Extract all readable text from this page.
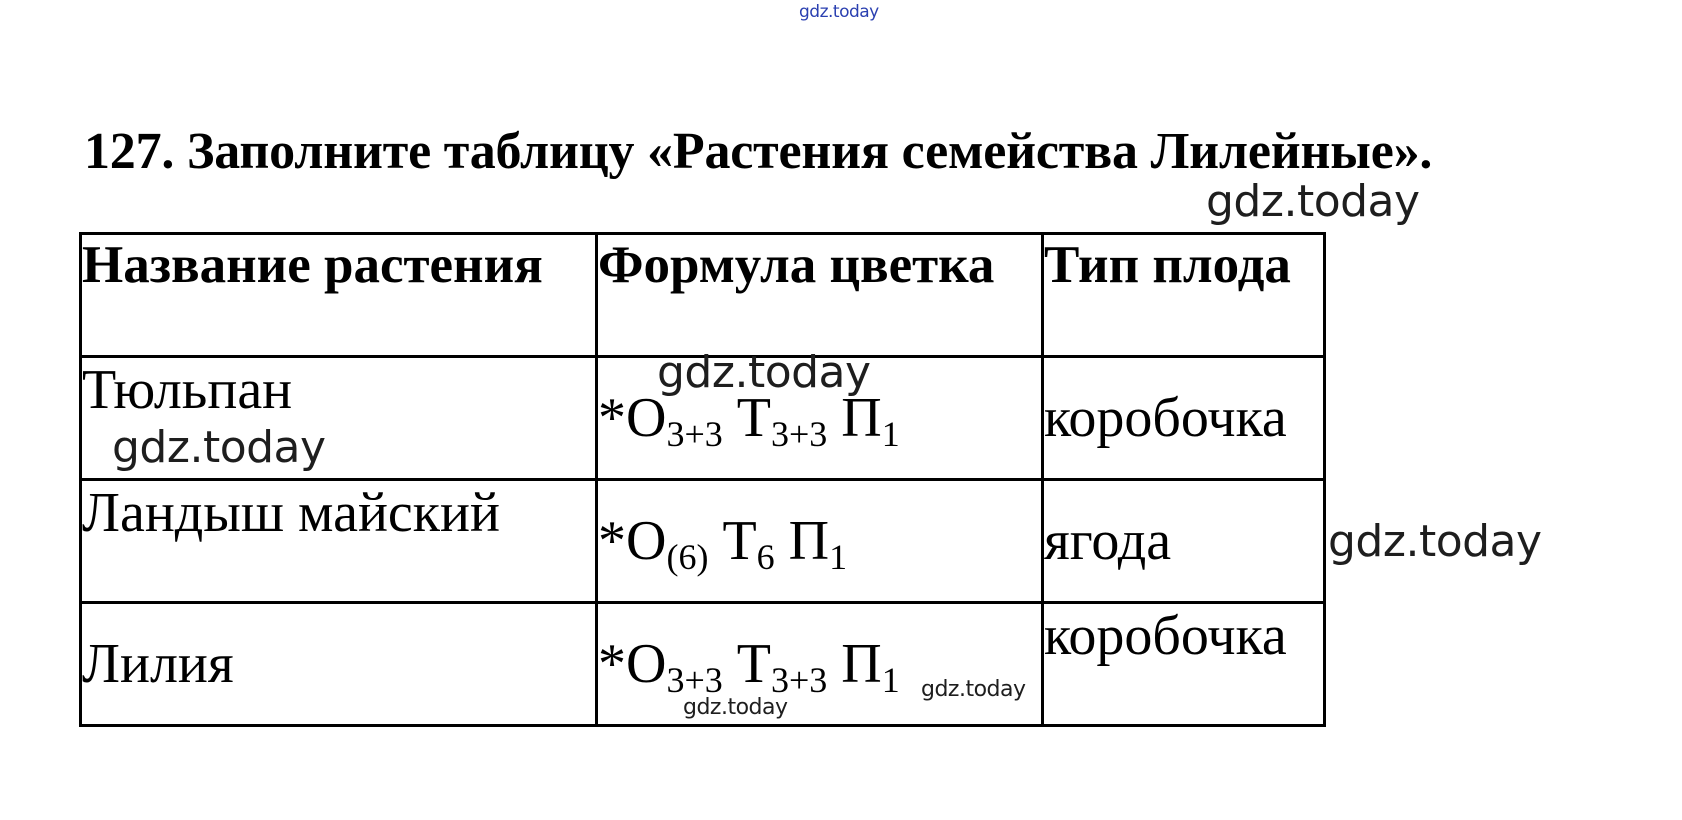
gdz.today
127. Заполните таблицу «Растения семейства Лилейные».
gdz.today
Название растения	Формула цветка	Тип плода
Тюльпан	$*О_{3+3}$ $Т_{3+3}$ $П_1$	коробочка
Ландыш майский	$*О_{(6)}$ $Т_6$ $П_1$	ягода
Лилия	$*О_{3+3}$ $Т_{3+3}$ $П_1$	коробочка
gdz.today
gdz.today
gdz.today
gdz.today
gdz.today
